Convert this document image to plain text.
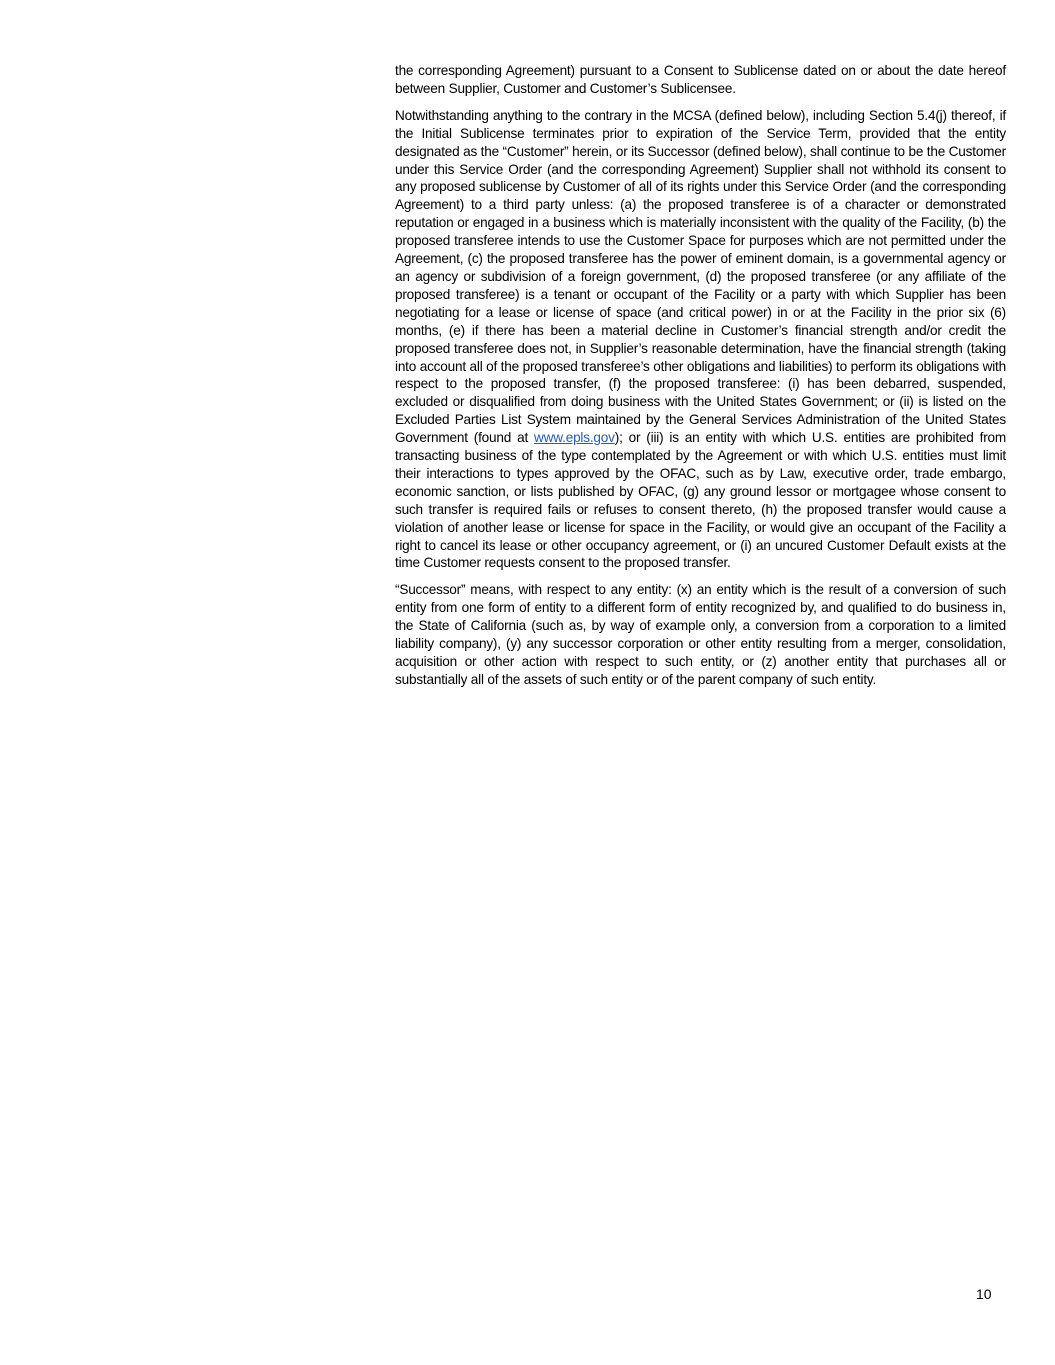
the corresponding Agreement) pursuant to a Consent to Sublicense dated on or about the date hereof between Supplier, Customer and Customer’s Sublicensee.

Notwithstanding anything to the contrary in the MCSA (defined below), including Section 5.4(j) thereof, if the Initial Sublicense terminates prior to expiration of the Service Term, provided that the entity designated as the “Customer” herein, or its Successor (defined below), shall continue to be the Customer under this Service Order (and the corresponding Agreement) Supplier shall not withhold its consent to any proposed sublicense by Customer of all of its rights under this Service Order (and the corresponding Agreement) to a third party unless: (a) the proposed transferee is of a character or demonstrated reputation or engaged in a business which is materially inconsistent with the quality of the Facility, (b) the proposed transferee intends to use the Customer Space for purposes which are not permitted under the Agreement, (c) the proposed transferee has the power of eminent domain, is a governmental agency or an agency or subdivision of a foreign government, (d) the proposed transferee (or any affiliate of the proposed transferee) is a tenant or occupant of the Facility or a party with which Supplier has been negotiating for a lease or license of space (and critical power) in or at the Facility in the prior six (6) months, (e) if there has been a material decline in Customer’s financial strength and/or credit the proposed transferee does not, in Supplier’s reasonable determination, have the financial strength (taking into account all of the proposed transferee’s other obligations and liabilities) to perform its obligations with respect to the proposed transfer, (f) the proposed transferee: (i) has been debarred, suspended, excluded or disqualified from doing business with the United States Government; or (ii) is listed on the Excluded Parties List System maintained by the General Services Administration of the United States Government (found at www.epls.gov); or (iii) is an entity with which U.S. entities are prohibited from transacting business of the type contemplated by the Agreement or with which U.S. entities must limit their interactions to types approved by the OFAC, such as by Law, executive order, trade embargo, economic sanction, or lists published by OFAC, (g) any ground lessor or mortgagee whose consent to such transfer is required fails or refuses to consent thereto, (h) the proposed transfer would cause a violation of another lease or license for space in the Facility, or would give an occupant of the Facility a right to cancel its lease or other occupancy agreement, or (i) an uncured Customer Default exists at the time Customer requests consent to the proposed transfer.

“Successor” means, with respect to any entity: (x) an entity which is the result of a conversion of such entity from one form of entity to a different form of entity recognized by, and qualified to do business in, the State of California (such as, by way of example only, a conversion from a corporation to a limited liability company), (y) any successor corporation or other entity resulting from a merger, consolidation, acquisition or other action with respect to such entity, or (z) another entity that purchases all or substantially all of the assets of such entity or of the parent company of such entity.

10
